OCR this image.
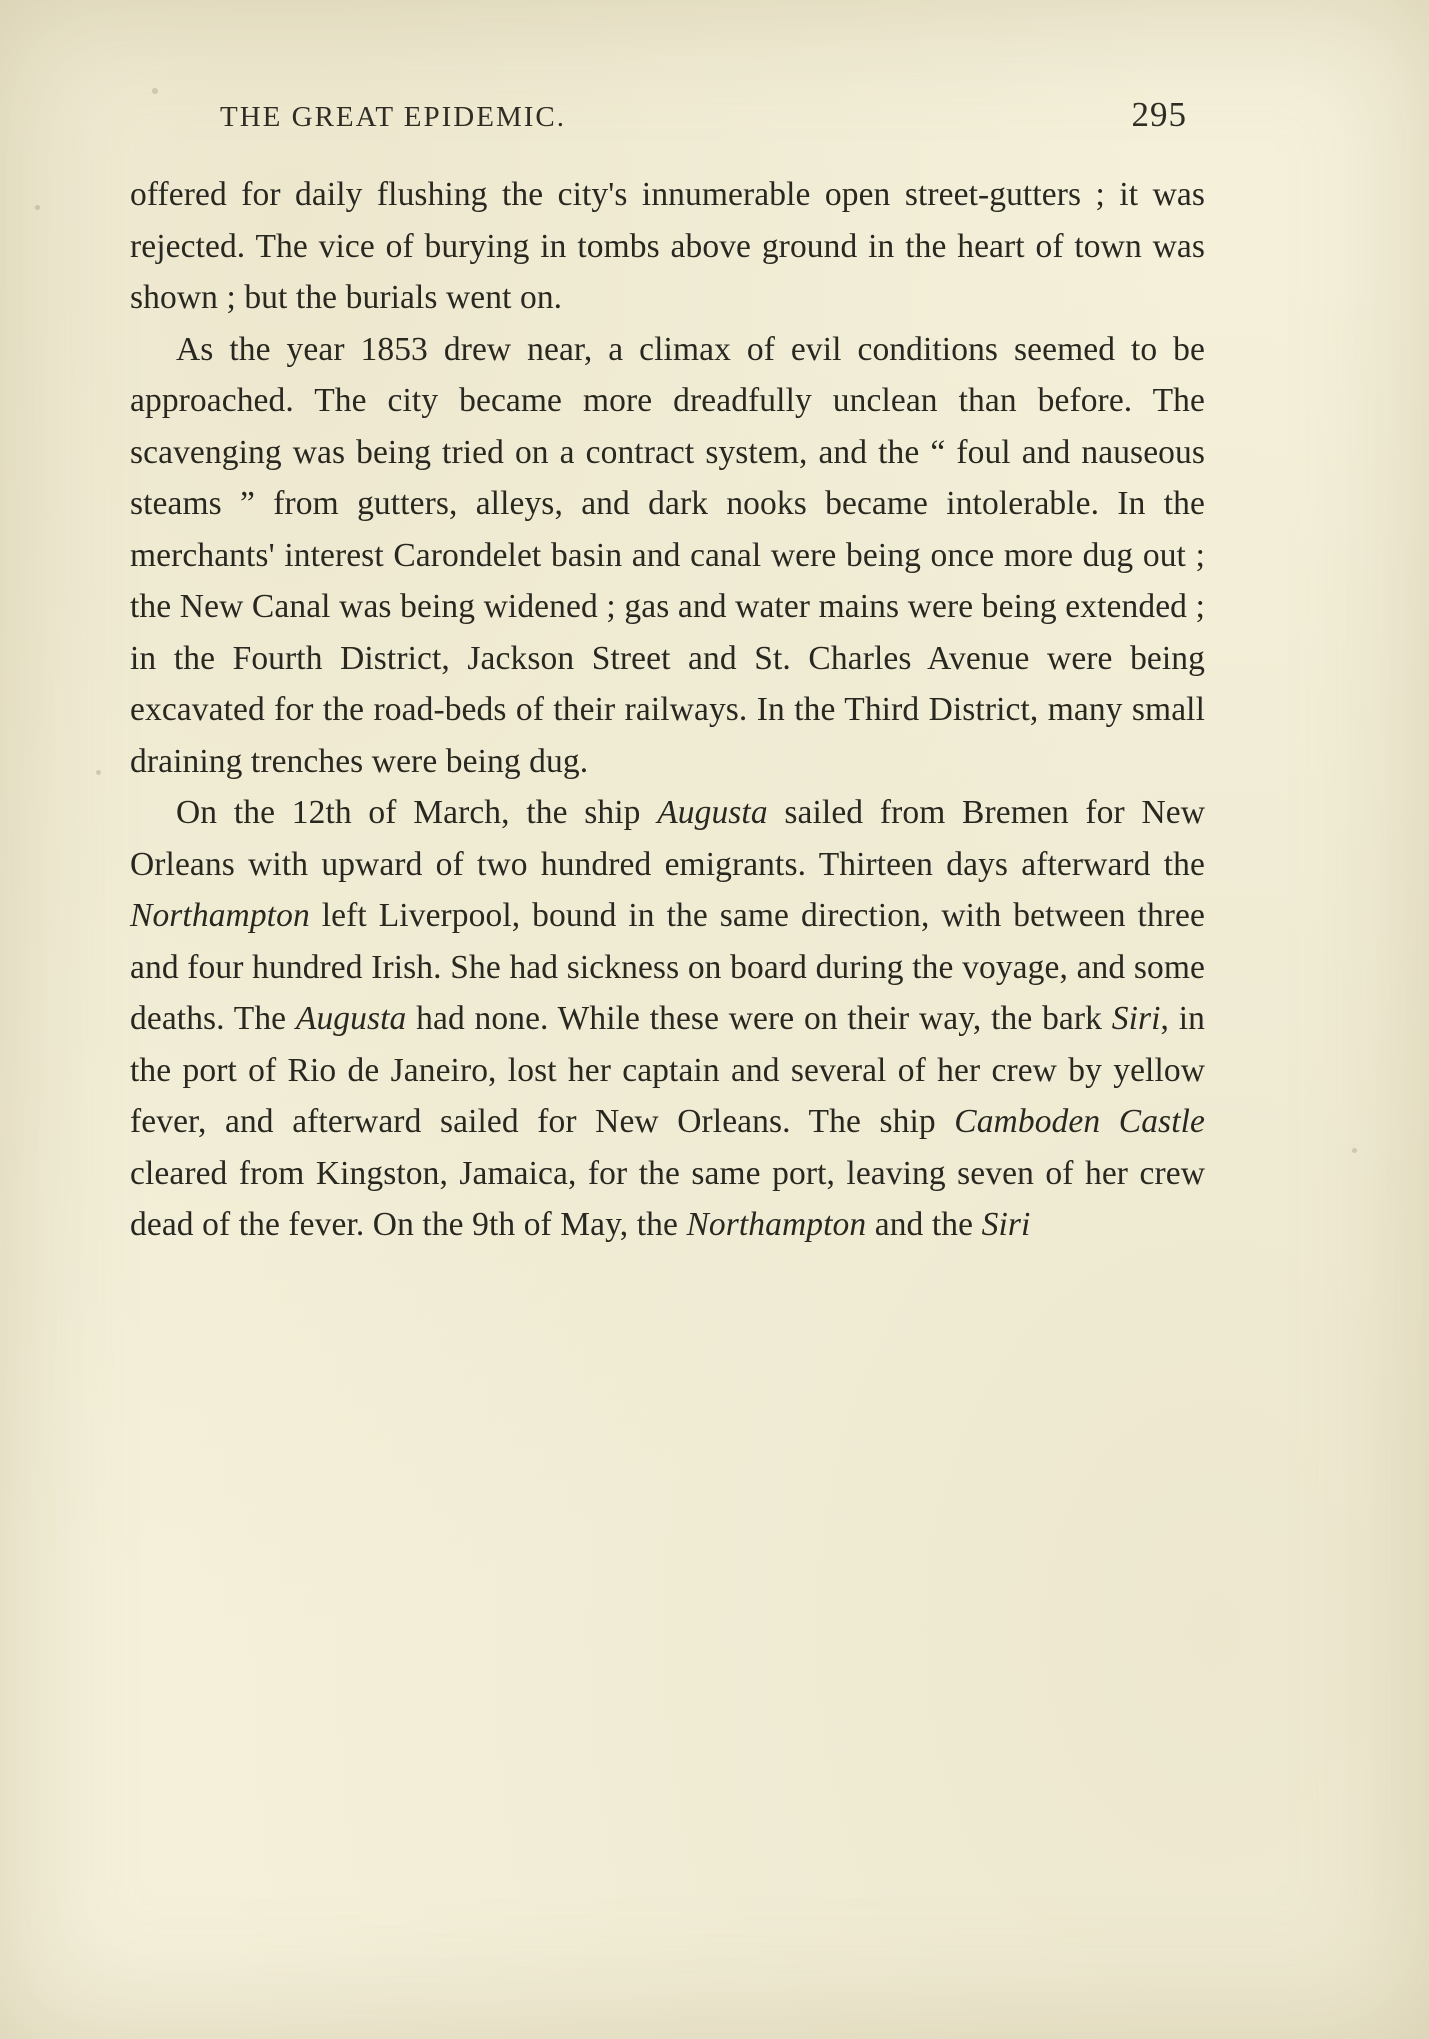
THE GREAT EPIDEMIC.	295

offered for daily flushing the city's innumerable open street-gutters ; it was rejected. The vice of burying in tombs above ground in the heart of town was shown ; but the burials went on.

As the year 1853 drew near, a climax of evil conditions seemed to be approached. The city became more dreadfully unclean than before. The scavenging was being tried on a contract system, and the “ foul and nauseous steams ” from gutters, alleys, and dark nooks became intolerable. In the merchants' interest Carondelet basin and canal were being once more dug out ; the New Canal was being widened ; gas and water mains were being extended ; in the Fourth District, Jackson Street and St. Charles Avenue were being excavated for the road-beds of their railways. In the Third District, many small draining trenches were being dug.

On the 12th of March, the ship Augusta sailed from Bremen for New Orleans with upward of two hundred emigrants. Thirteen days afterward the Northampton left Liverpool, bound in the same direction, with between three and four hundred Irish. She had sickness on board during the voyage, and some deaths. The Augusta had none. While these were on their way, the bark Siri, in the port of Rio de Janeiro, lost her captain and several of her crew by yellow fever, and afterward sailed for New Orleans. The ship Camboden Castle cleared from Kingston, Jamaica, for the same port, leaving seven of her crew dead of the fever. On the 9th of May, the Northampton and the Siri
